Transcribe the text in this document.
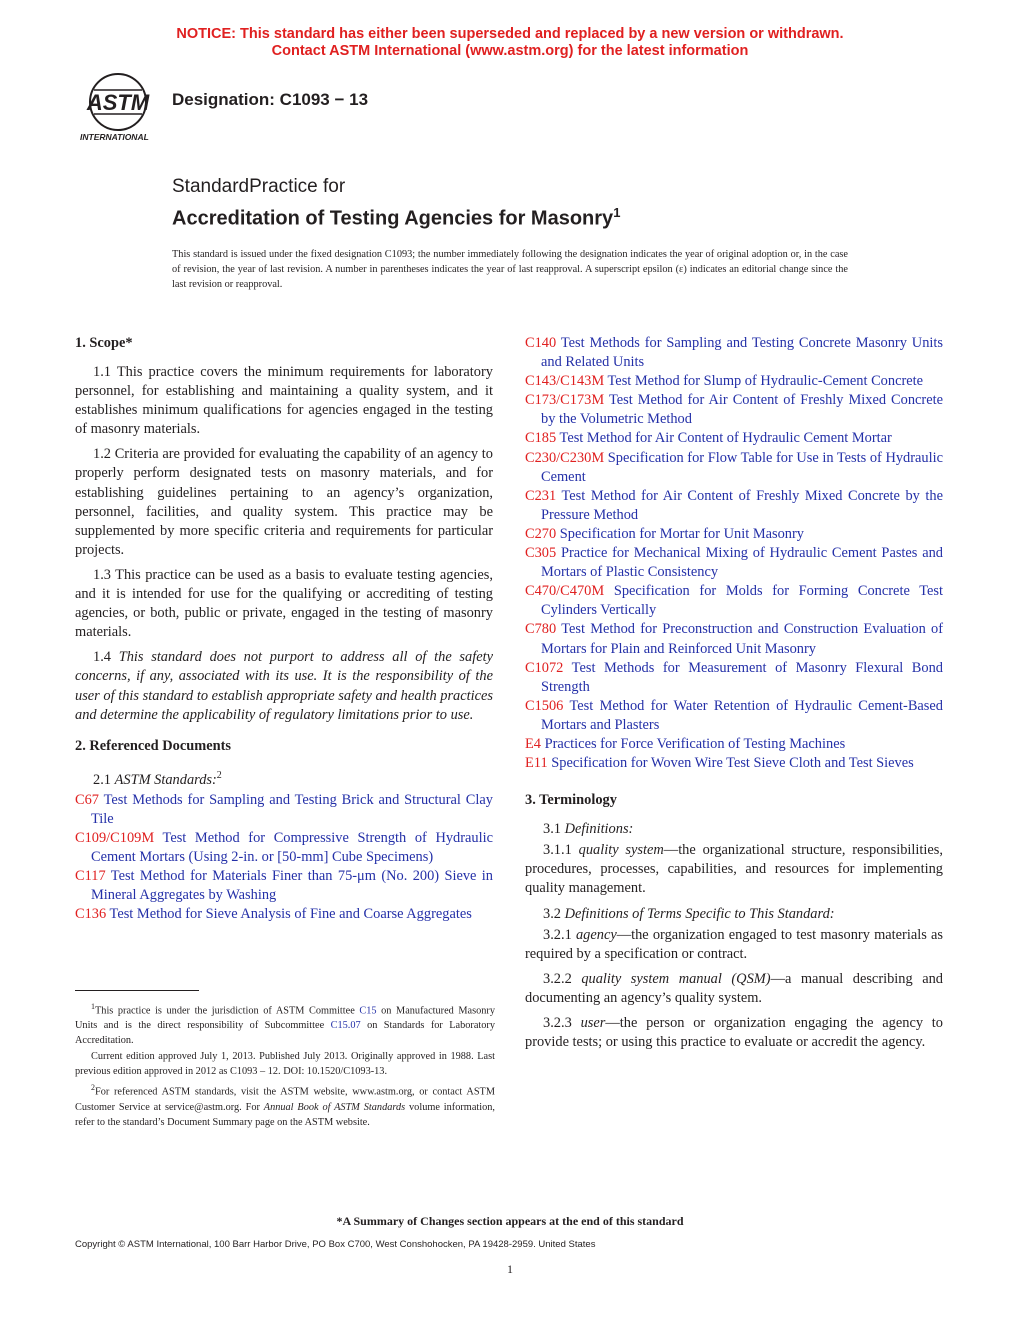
NOTICE: This standard has either been superseded and replaced by a new version or withdrawn.
Contact ASTM International (www.astm.org) for the latest information
ASTM
INTERNATIONAL
Designation: C1093 − 13
StandardPractice for
Accreditation of Testing Agencies for Masonry$^1$
This standard is issued under the fixed designation C1093; the number immediately following the designation indicates the year of original adoption or, in the case of revision, the year of last revision. A number in parentheses indicates the year of last reapproval. A superscript epsilon (ε) indicates an editorial change since the last revision or reapproval.
1. Scope*

1.1 This practice covers the minimum requirements for laboratory personnel, for establishing and maintaining a quality system, and it establishes minimum qualifications for agencies engaged in the testing of masonry materials.

1.2 Criteria are provided for evaluating the capability of an agency to properly perform designated tests on masonry materials, and for establishing guidelines pertaining to an agency’s organization, personnel, facilities, and quality system. This practice may be supplemented by more specific criteria and requirements for particular projects.

1.3 This practice can be used as a basis to evaluate testing agencies, and it is intended for use for the qualifying or accrediting of testing agencies, or both, public or private, engaged in the testing of masonry materials.

1.4 This standard does not purport to address all of the safety concerns, if any, associated with its use. It is the responsibility of the user of this standard to establish appropriate safety and health practices and determine the applicability of regulatory limitations prior to use.

2. Referenced Documents

2.1 ASTM Standards:$^2$

C67 Test Methods for Sampling and Testing Brick and Structural Clay Tile

C109/C109M Test Method for Compressive Strength of Hydraulic Cement Mortars (Using 2-in. or [50-mm] Cube Specimens)

C117 Test Method for Materials Finer than 75-μm (No. 200) Sieve in Mineral Aggregates by Washing

C136 Test Method for Sieve Analysis of Fine and Coarse Aggregates

C140 Test Methods for Sampling and Testing Concrete Masonry Units and Related Units

C143/C143M Test Method for Slump of Hydraulic-Cement Concrete

C173/C173M Test Method for Air Content of Freshly Mixed Concrete by the Volumetric Method

C185 Test Method for Air Content of Hydraulic Cement Mortar

C230/C230M Specification for Flow Table for Use in Tests of Hydraulic Cement

C231 Test Method for Air Content of Freshly Mixed Concrete by the Pressure Method

C270 Specification for Mortar for Unit Masonry

C305 Practice for Mechanical Mixing of Hydraulic Cement Pastes and Mortars of Plastic Consistency

C470/C470M Specification for Molds for Forming Concrete Test Cylinders Vertically

C780 Test Method for Preconstruction and Construction Evaluation of Mortars for Plain and Reinforced Unit Masonry

C1072 Test Methods for Measurement of Masonry Flexural Bond Strength

C1506 Test Method for Water Retention of Hydraulic Cement-Based Mortars and Plasters

E4 Practices for Force Verification of Testing Machines

E11 Specification for Woven Wire Test Sieve Cloth and Test Sieves

3. Terminology

3.1 Definitions:

3.1.1 quality system—the organizational structure, responsibilities, procedures, processes, capabilities, and resources for implementing quality management.

3.2 Definitions of Terms Specific to This Standard:

3.2.1 agency—the organization engaged to test masonry materials as required by a specification or contract.

3.2.2 quality system manual (QSM)—a manual describing and documenting an agency’s quality system.

3.2.3 user—the person or organization engaging the agency to provide tests; or using this practice to evaluate or accredit the agency.

$^1$This practice is under the jurisdiction of ASTM Committee C15 on Manufactured Masonry Units and is the direct responsibility of Subcommittee C15.07 on Standards for Laboratory Accreditation.

Current edition approved July 1, 2013. Published July 2013. Originally approved in 1988. Last previous edition approved in 2012 as C1093 – 12. DOI: 10.1520/C1093-13.

$^2$For referenced ASTM standards, visit the ASTM website, www.astm.org, or contact ASTM Customer Service at service@astm.org. For Annual Book of ASTM Standards volume information, refer to the standard’s Document Summary page on the ASTM website.

*A Summary of Changes section appears at the end of this standard
Copyright © ASTM International, 100 Barr Harbor Drive, PO Box C700, West Conshohocken, PA 19428-2959. United States
1
